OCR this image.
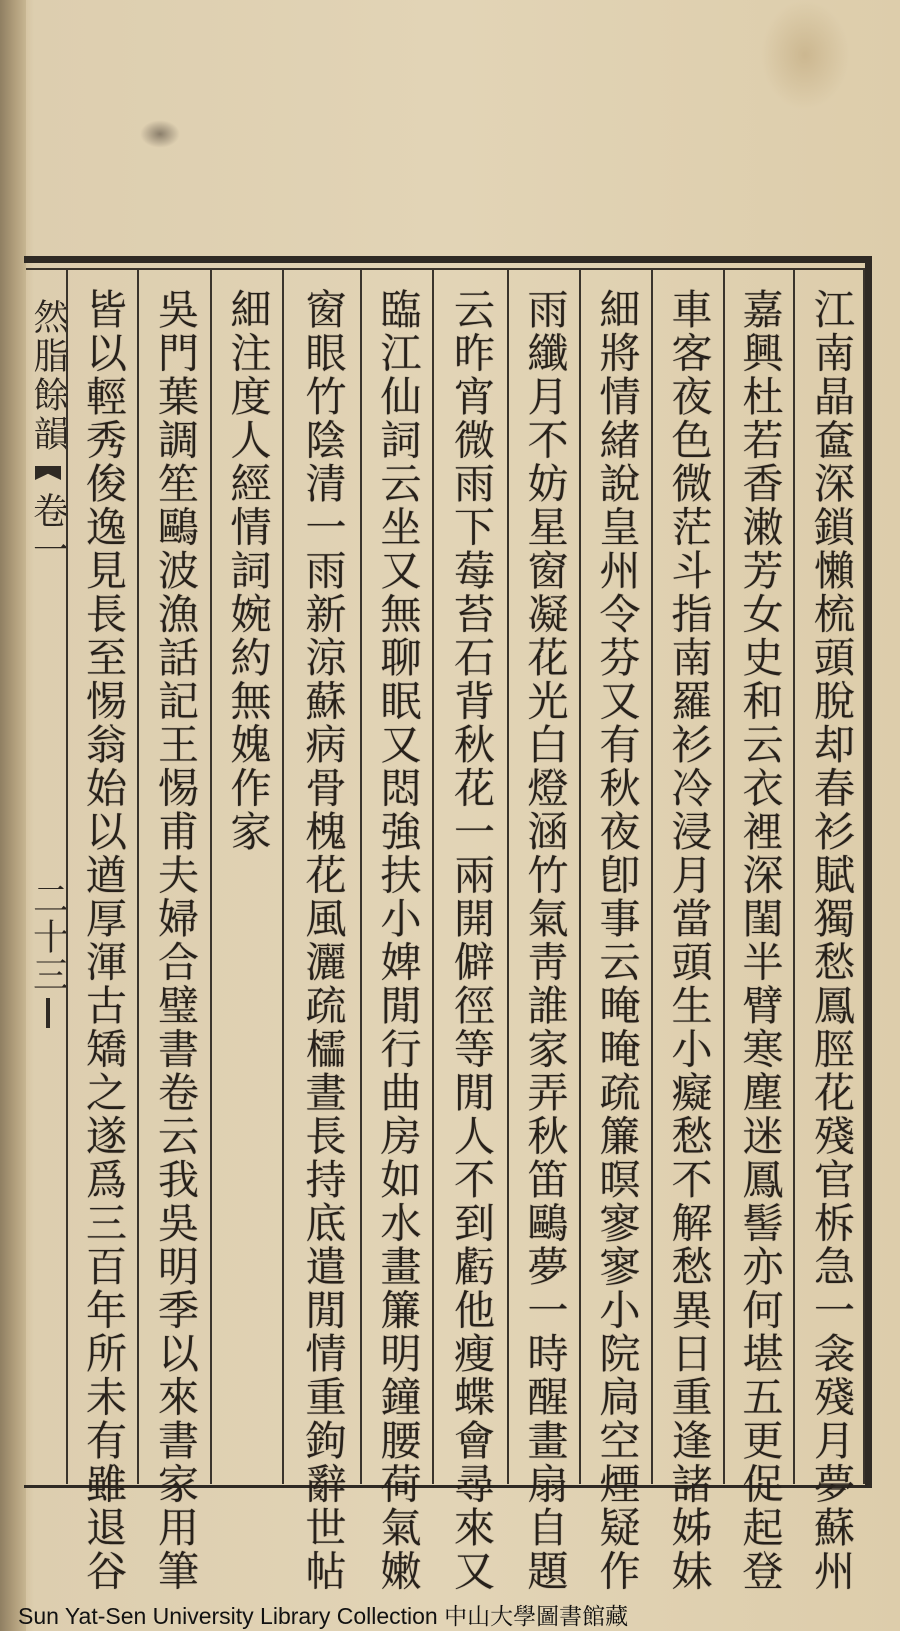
然脂餘韻
卷一
二十三	江南晶奩深鎖懶梳頭脫却春衫賦獨愁鳳脛花殘官柝急一衾殘月夢蘇州
嘉興杜若香潄芳女史和云衣裡深閨半臂寒塵迷鳳髻亦何堪五更促起登
車客夜色微茫斗指南羅衫冷浸月當頭生小癡愁不解愁異日重逢諸姊妹
細將情緒說皇州令芬又有秋夜卽事云晻晻疏簾暝寥寥小院扃空煙疑作
雨纖月不妨星窗凝花光白燈涵竹氣靑誰家弄秋笛鷗夢一時醒畫扇自題
云昨宵微雨下莓苔石背秋花一兩開僻徑等閒人不到虧他瘦蝶會尋來又
臨江仙詞云坐又無聊眠又悶強扶小婢閒行曲房如水畫簾明鐘腰荷氣嫩
窗眼竹陰清一雨新涼蘇病骨槐花風灑疏櫺晝長持底遣閒情重鉤辭世帖
細注度人經情詞婉約無媿作家
吳門葉調笙鷗波漁話記王惕甫夫婦合璧書卷云我吳明季以來書家用筆
皆以輕秀俊逸見長至惕翁始以遒厚渾古矯之遂爲三百年所未有雖退谷
Sun Yat-Sen University Library Collection 中山大學圖書館藏
